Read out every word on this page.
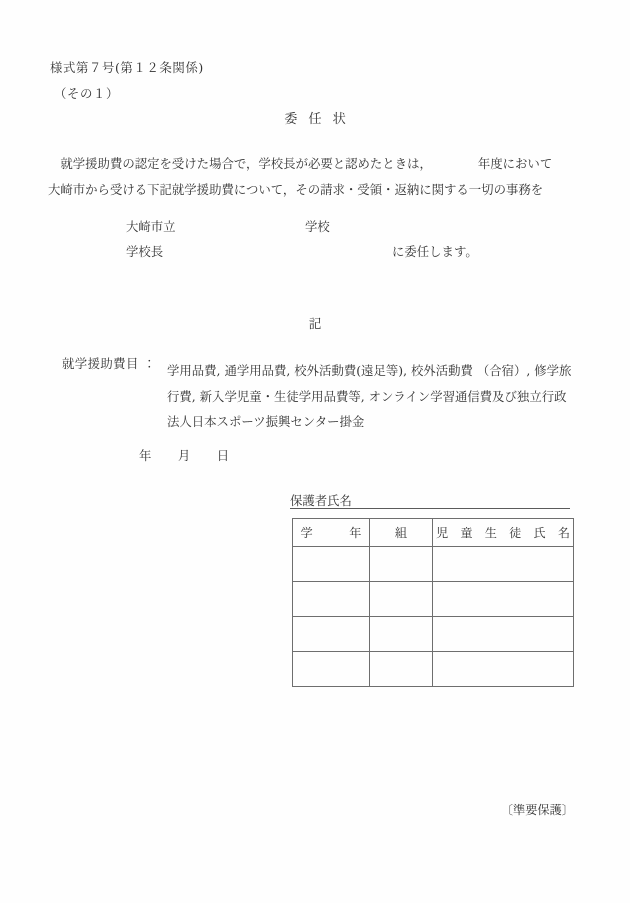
様式第７号(第１２条関係)
（その１）
委任状
　就学援助費の認定を受けた場合で，学校長が必要と認めたときは，	年度において
大崎市から受ける下記就学援助費について，その請求・受領・返納に関する一切の事務を
大崎市立	学校
学校長	に委任します。
記
就学援助費目 ： 学用品費, 通学用品費, 校外活動費(遠足等), 校外活動費 （合宿）, 修学旅
行費, 新入学児童・生徒学用品費等, オンライン学習通信費及び独立行政
法人日本スポーツ振興センター掛金
年 月 日
保護者氏名
学　　　年	組	児　童　生　徒　氏　名

〔準要保護〕
